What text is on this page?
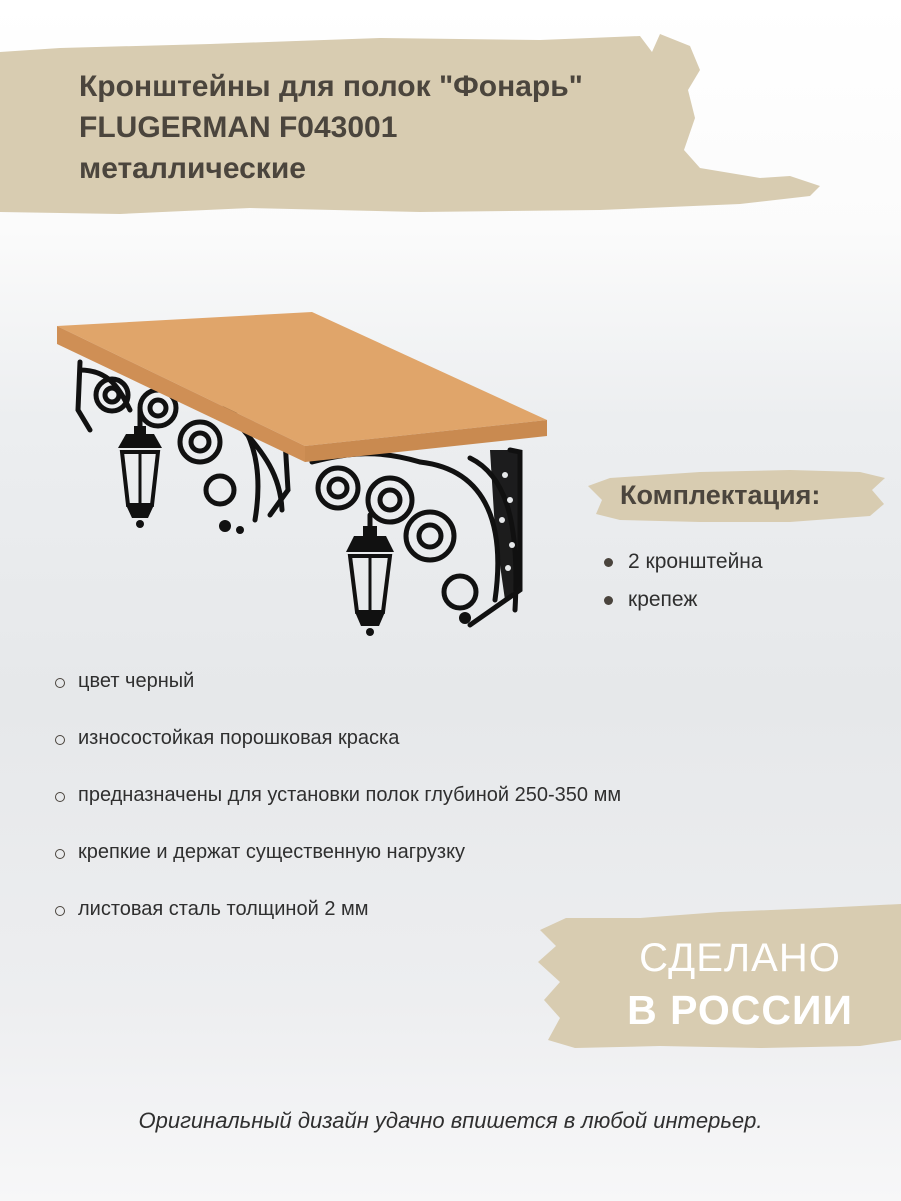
Кронштейны для полок "Фонарь"
FLUGERMAN F043001
металлические
Комплектация:
2 кронштейна
крепеж
цвет черный
износостойкая порошковая краска
предназначены для установки полок глубиной 250-350 мм
крепкие и держат существенную нагрузку
листовая сталь толщиной 2 мм
СДЕЛАНО
В РОССИИ
Оригинальный дизайн удачно впишется в любой интерьер.
